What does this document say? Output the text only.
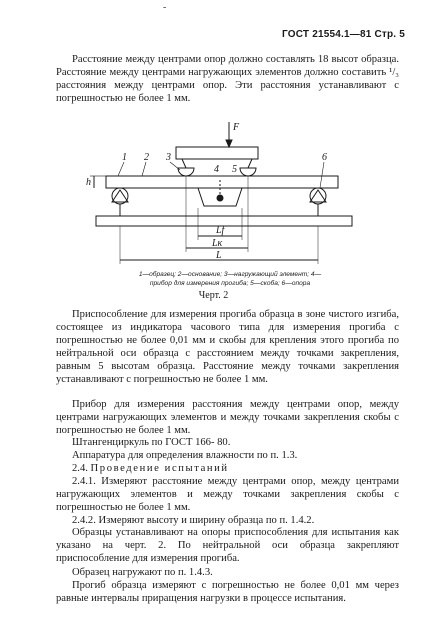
-
ГОСТ 21554.1—81 Стр. 5

Расстояние между центрами опор должно составлять 18 высот образца. Расстояние между центрами нагружающих элементов должно составить ¹/₃ расстояния между центрами опор. Эти расстояния устанавливают с погрешностью не более 1 мм.

F
1 2 3
4 5
6
h
Lf
Lк
L
1—образец; 2—основание; 3—нагружающий элемент; 4—
прибор для измерения прогиба; 5—скоба; 6—опора
Черт. 2

Приспособление для измерения прогиба образца в зоне чистого изгиба, состоящее из индикатора часового типа для измерения прогиба с погрешностью не более 0,01 мм и скобы для крепления этого прогиба по нейтральной оси образца с расстоянием между точками закрепления, равным 5 высотам образца. Расстояние между точками закрепления устанавливают с погрешностью не более 1 мм.

Прибор для измерения расстояния между центрами опор, между центрами нагружающих элементов и между точками закрепления скобы с погрешностью не более 1 мм.

Штангенциркуль по ГОСТ 166- 80.

Аппаратура для определения влажности по п. 1.3.

2.4. Проведение испытаний

2.4.1. Измеряют расстояние между центрами опор, между центрами нагружающих элементов и между точками закрепления скобы с погрешностью не более 1 мм.

2.4.2. Измеряют высоту и ширину образца по п. 1.4.2.

Образцы устанавливают на опоры приспособления для испытания как указано на черт. 2. По нейтральной оси образца закрепляют приспособление для измерения прогиба.

Образец нагружают по п. 1.4.3.

Прогиб образца измеряют с погрешностью не более 0,01 мм через равные интервалы приращения нагрузки в процессе испытания.
